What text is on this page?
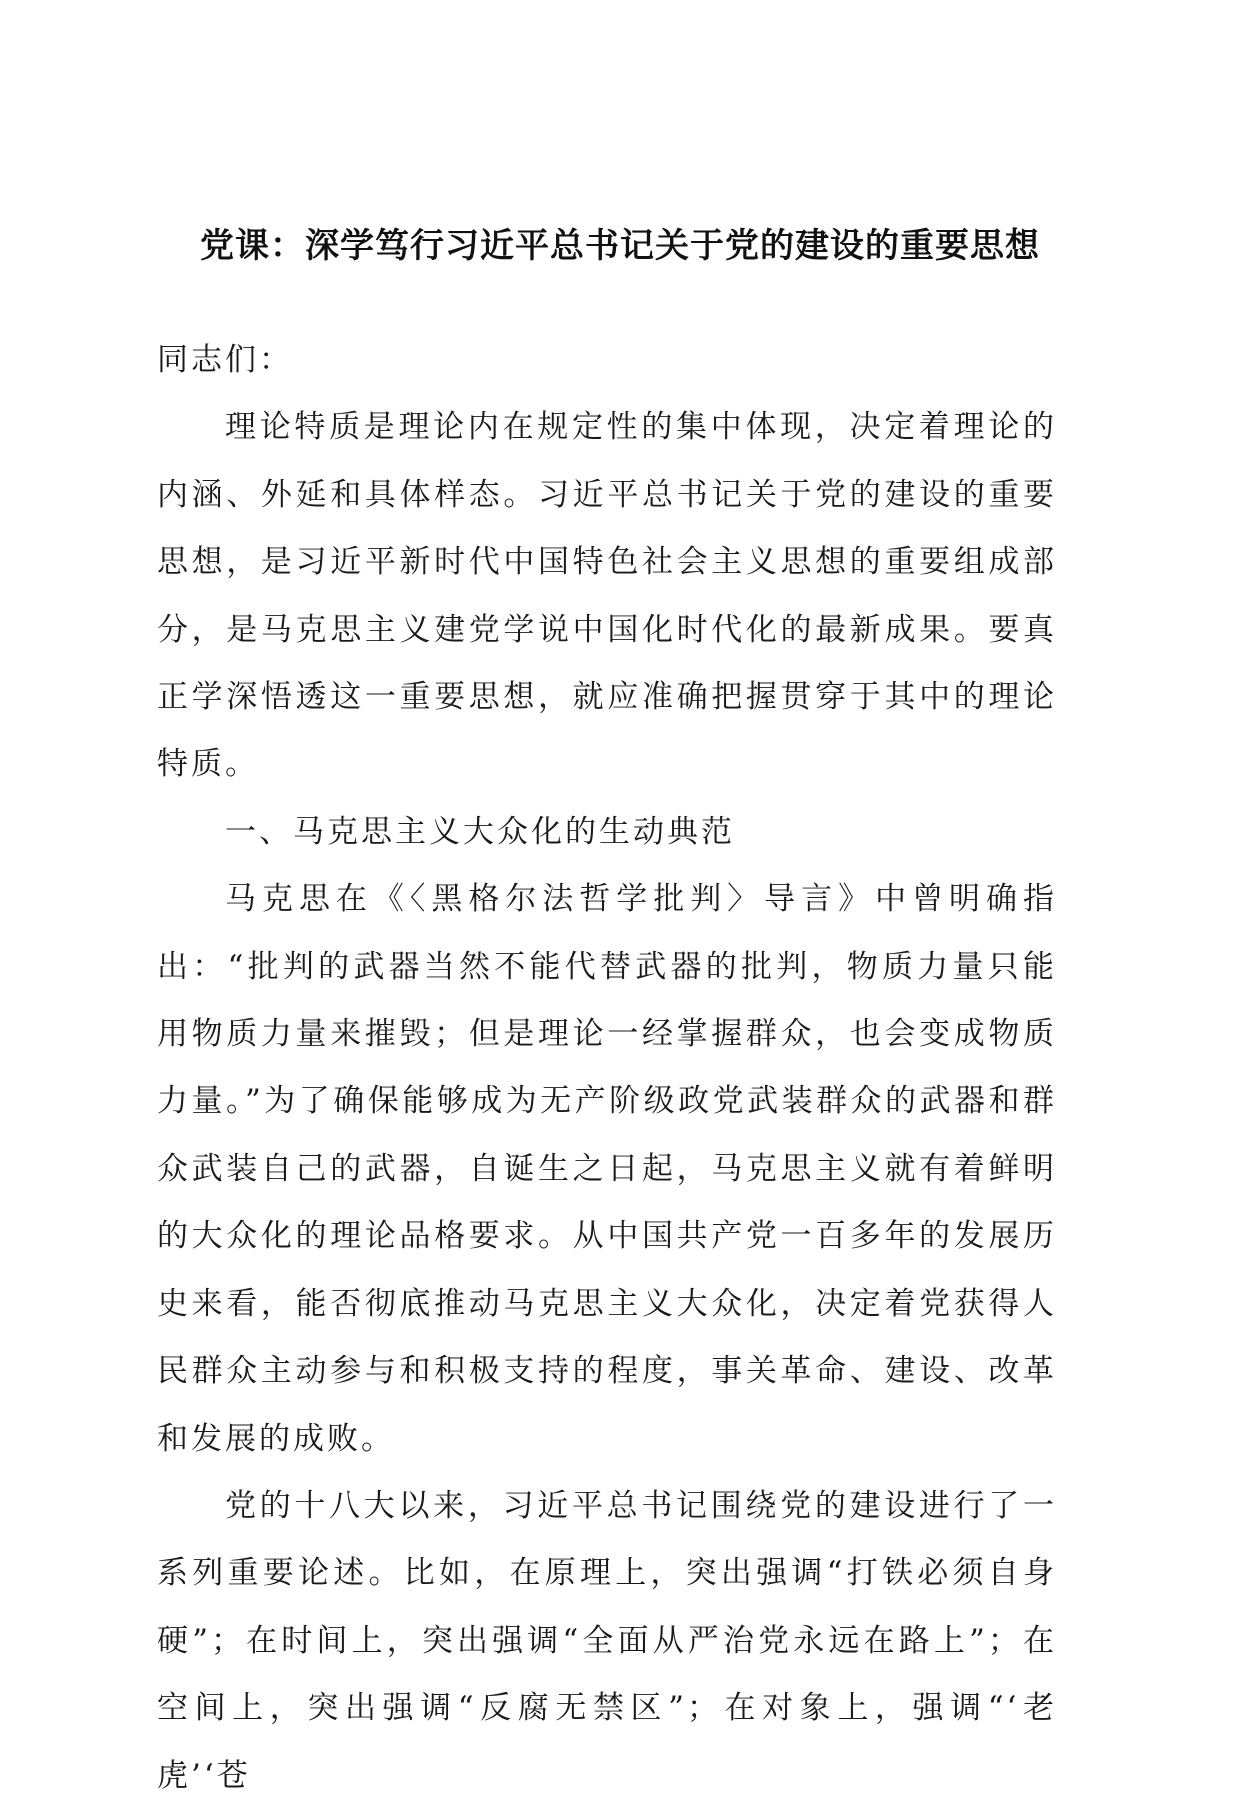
党课：深学笃行习近平总书记关于党的建设的重要思想

同志们：

理论特质是理论内在规定性的集中体现，决定着理论的内涵、外延和具体样态。习近平总书记关于党的建设的重要思想，是习近平新时代中国特色社会主义思想的重要组成部分，是马克思主义建党学说中国化时代化的最新成果。要真正学深悟透这一重要思想，就应准确把握贯穿于其中的理论特质。

一、马克思主义大众化的生动典范

马克思在《〈黑格尔法哲学批判〉导言》中曾明确指出：“批判的武器当然不能代替武器的批判，物质力量只能用物质力量来摧毁；但是理论一经掌握群众，也会变成物质力量。”为了确保能够成为无产阶级政党武装群众的武器和群众武装自己的武器，自诞生之日起，马克思主义就有着鲜明的大众化的理论品格要求。从中国共产党一百多年的发展历史来看，能否彻底推动马克思主义大众化，决定着党获得人民群众主动参与和积极支持的程度，事关革命、建设、改革和发展的成败。

党的十八大以来，习近平总书记围绕党的建设进行了一系列重要论述。比如，在原理上，突出强调“打铁必须自身硬”；在时间上，突出强调“全面从严治党永远在路上”；在空间上，突出强调“反腐无禁区”；在对象上，强调“‘老虎’‘苍
